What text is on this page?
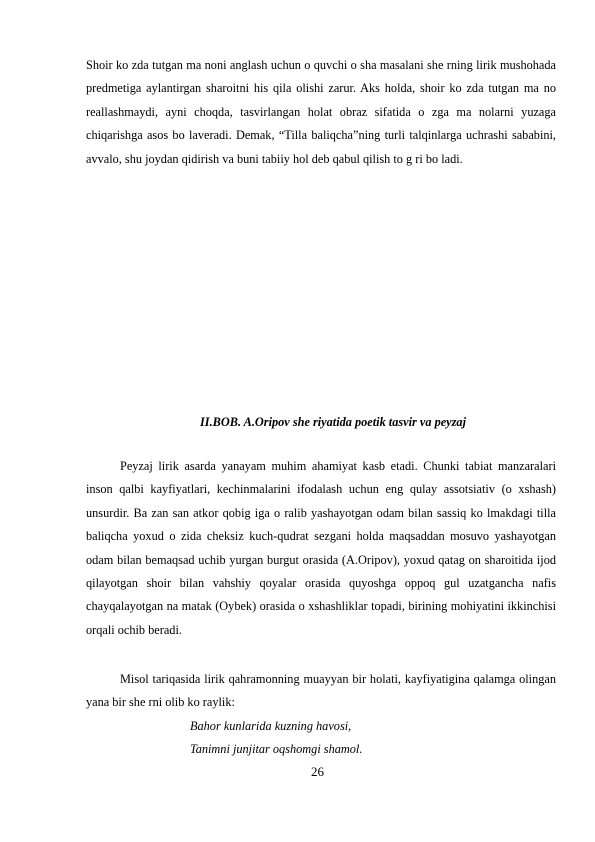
Shoir ko zda tutgan ma noni anglash uchun o quvchi o sha masalani she rning lirik mushohada predmetiga aylantirgan sharoitni his qila olishi zarur. Aks holda, shoir ko zda tutgan ma no reallashmaydi, ayni choqda, tasvirlangan holat obraz sifatida o zga ma nolarni yuzaga chiqarishga asos bo laveradi. Demak, “Tilla baliqcha”ning turli talqinlarga uchrashi sababini, avvalo, shu joydan qidirish va buni tabiiy hol deb qabul qilish to g ri bo ladi.

II.BOB. A.Oripov she riyatida poetik tasvir va peyzaj

Peyzaj lirik asarda yanayam muhim ahamiyat kasb etadi. Chunki tabiat manzaralari inson qalbi kayfiyatlari, kechinmalarini ifodalash uchun eng qulay assotsiativ (o xshash) unsurdir. Ba zan san atkor qobig iga o ralib yashayotgan odam bilan sassiq ko lmakdagi tilla baliqcha yoxud o zida cheksiz kuch-qudrat sezgani holda maqsaddan mosuvo yashayotgan odam bilan bemaqsad uchib yurgan burgut orasida (A.Oripov), yoxud qatag on sharoitida ijod qilayotgan shoir bilan vahshiy qoyalar orasida quyoshga oppoq gul uzatgancha nafis chayqalayotgan na matak (Oybek) orasida o xshashliklar topadi, birining mohiyatini ikkinchisi orqali ochib beradi.

Misol tariqasida lirik qahramonning muayyan bir holati, kayfiyatigina qalamga olingan yana bir she rni olib ko raylik:

Bahor kunlarida kuzning havosi,

Tanimni junjitar oqshomgi shamol.

26
